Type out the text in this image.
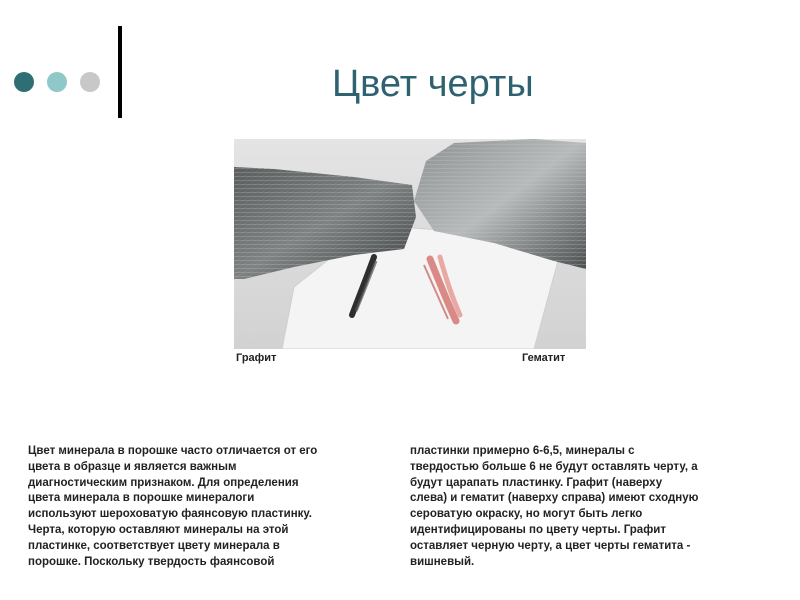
Цвет черты
Графит	Гематит
Цвет минерала в порошке часто отличается от его
цвета в образце и является важным
диагностическим признаком. Для определения
цвета минерала в порошке минералоги
используют шероховатую фаянсовую пластинку.
Черта, которую оставляют минералы на этой
пластинке, соответствует цвету минерала в
порошке. Поскольку твердость фаянсовой
пластинки примерно 6-6,5, минералы с
твердостью больше 6 не будут оставлять черту, а
будут царапать пластинку. Графит (наверху
слева) и гематит (наверху справа) имеют сходную
сероватую окраску, но могут быть легко
идентифицированы по цвету черты. Графит
оставляет черную черту, а цвет черты гематита -
вишневый.
